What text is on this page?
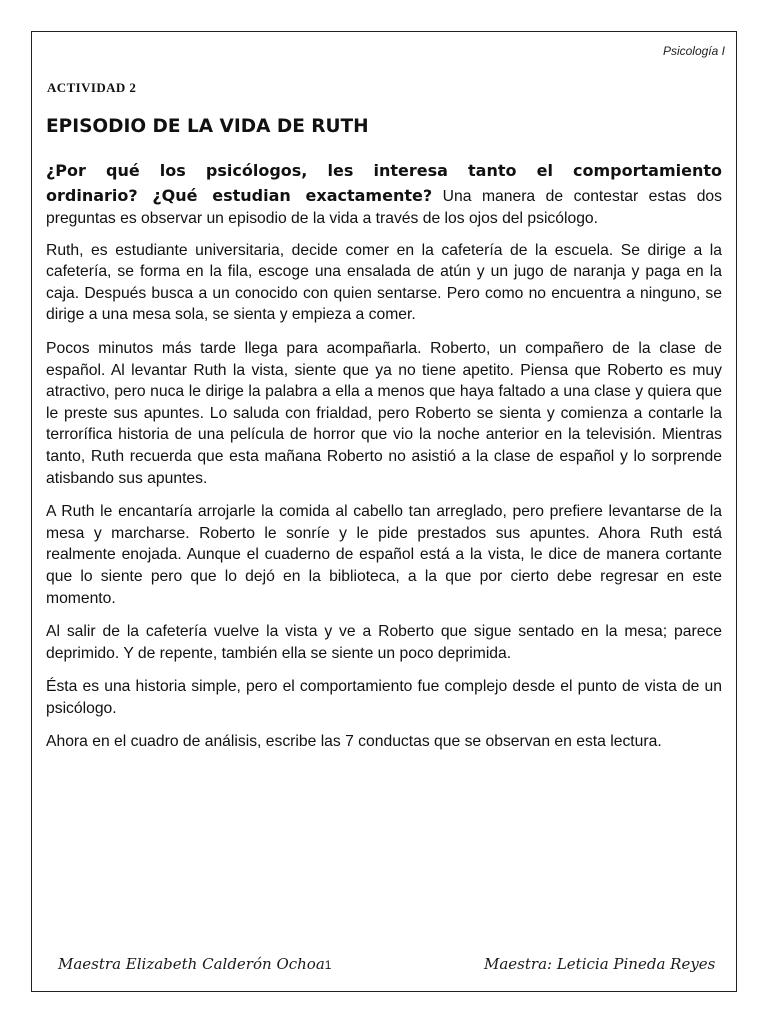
Psicología I
ACTIVIDAD 2
EPISODIO DE LA VIDA DE RUTH

¿Por qué los psicólogos, les interesa tanto el comportamiento ordinario? ¿Qué estudian exactamente? Una manera de contestar estas dos preguntas es observar un episodio de la vida a través de los ojos del psicólogo.

Ruth, es estudiante universitaria, decide comer en la cafetería de la escuela. Se dirige a la cafetería, se forma en la fila, escoge una ensalada de atún y un jugo de naranja y paga en la caja. Después busca a un conocido con quien sentarse. Pero como no encuentra a ninguno, se dirige a una mesa sola, se sienta y empieza a comer.

Pocos minutos más tarde llega para acompañarla. Roberto, un compañero de la clase de español. Al levantar Ruth la vista, siente que ya no tiene apetito. Piensa que Roberto es muy atractivo, pero nuca le dirige la palabra a ella a menos que haya faltado a una clase y quiera que le preste sus apuntes. Lo saluda con frialdad, pero Roberto se sienta y comienza a contarle la terrorífica historia de una película de horror que vio la noche anterior en la televisión. Mientras tanto, Ruth recuerda que esta mañana Roberto no asistió a la clase de español y lo sorprende atisbando sus apuntes.

A Ruth le encantaría arrojarle la comida al cabello tan arreglado, pero prefiere levantarse de la mesa y marcharse. Roberto le sonríe y le pide prestados sus apuntes. Ahora Ruth está realmente enojada. Aunque el cuaderno de español está a la vista, le dice de manera cortante que lo siente pero que lo dejó en la biblioteca, a la que por cierto debe regresar en este momento.

Al salir de la cafetería vuelve la vista y ve a Roberto que sigue sentado en la mesa; parece deprimido. Y de repente, también ella se siente un poco deprimida.

Ésta es una historia simple, pero el comportamiento fue complejo desde el punto de vista de un psicólogo.

Ahora en el cuadro de análisis, escribe las 7 conductas que se observan en esta lectura.

Maestra Elizabeth Calderón Ochoa1	Maestra: Leticia Pineda Reyes
